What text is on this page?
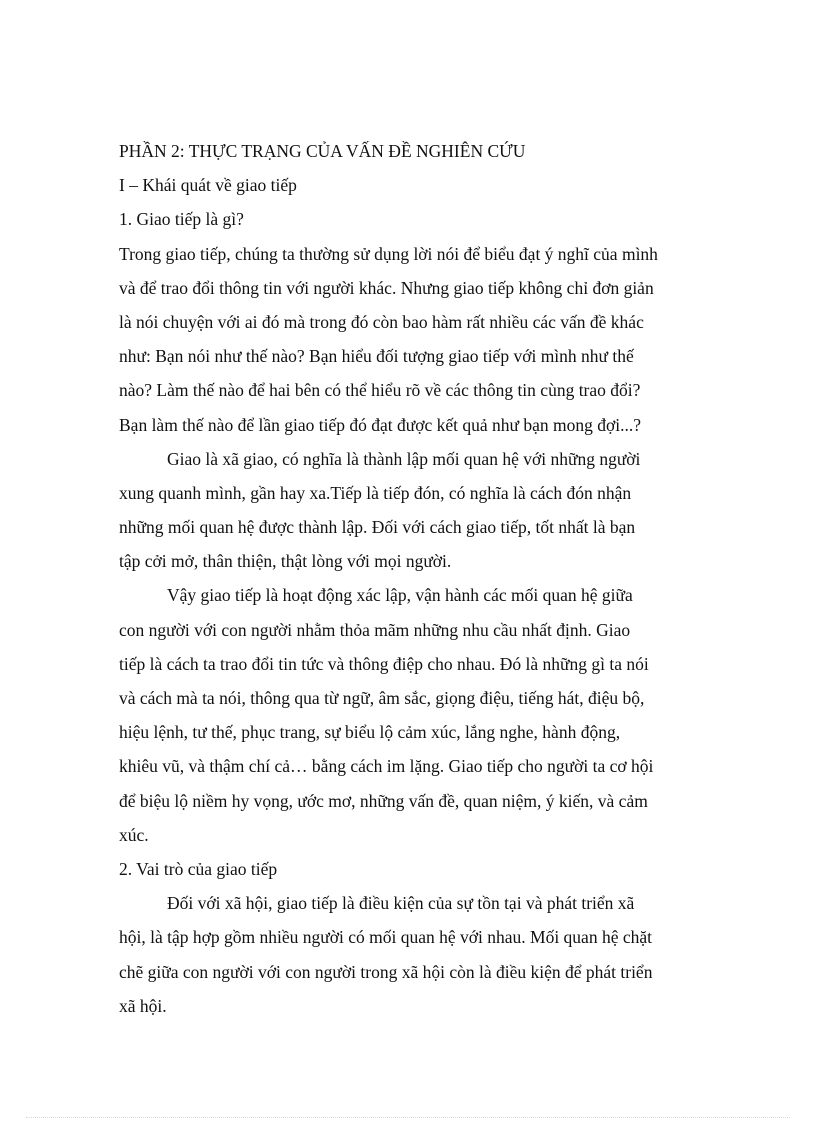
PHẦN 2: THỰC TRẠNG CỦA VẤN ĐỀ NGHIÊN CỨU
I – Khái quát về giao tiếp
1. Giao tiếp là gì?
Trong giao tiếp, chúng ta thường sử dụng lời nói để biểu đạt ý nghĩ của mình
và để trao đổi thông tin với người khác. Nhưng giao tiếp không chỉ đơn giản
là nói chuyện với ai đó mà trong đó còn bao hàm rất nhiều các vấn đề khác
như: Bạn nói như thế nào? Bạn hiểu đối tượng giao tiếp với mình như thế
nào? Làm thế nào để hai bên có thể hiểu rõ về các thông tin cùng trao đổi?
Bạn làm thế nào để lần giao tiếp đó đạt được kết quả như bạn mong đợi...?
Giao là xã giao, có nghĩa là thành lập mối quan hệ với những người
xung quanh mình, gần hay xa.Tiếp là tiếp đón, có nghĩa là cách đón nhận
những mối quan hệ được thành lập. Đối với cách giao tiếp, tốt nhất là bạn
tập cởi mở, thân thiện, thật lòng với mọi người.
Vậy giao tiếp là hoạt động xác lập, vận hành các mối quan hệ giữa
con người với con người nhằm thỏa mãm những nhu cầu nhất định. Giao
tiếp là cách ta trao đổi tin tức và thông điệp cho nhau. Đó là những gì ta nói
và cách mà ta nói, thông qua từ ngữ, âm sắc, giọng điệu, tiếng hát, điệu bộ,
hiệu lệnh, tư thế, phục trang, sự biểu lộ cảm xúc, lắng nghe, hành động,
khiêu vũ, và thậm chí cả… bằng cách im lặng. Giao tiếp cho người ta cơ hội
để biệu lộ niềm hy vọng, ước mơ, những vấn đề, quan niệm, ý kiến, và cảm
xúc.
2. Vai trò của giao tiếp
Đối với xã hội, giao tiếp là điều kiện của sự tồn tại và phát triển xã
hội, là tập hợp gồm nhiều người có mối quan hệ với nhau. Mối quan hệ chặt
chẽ giữa con người với con người trong xã hội còn là điều kiện để phát triển
xã hội.
